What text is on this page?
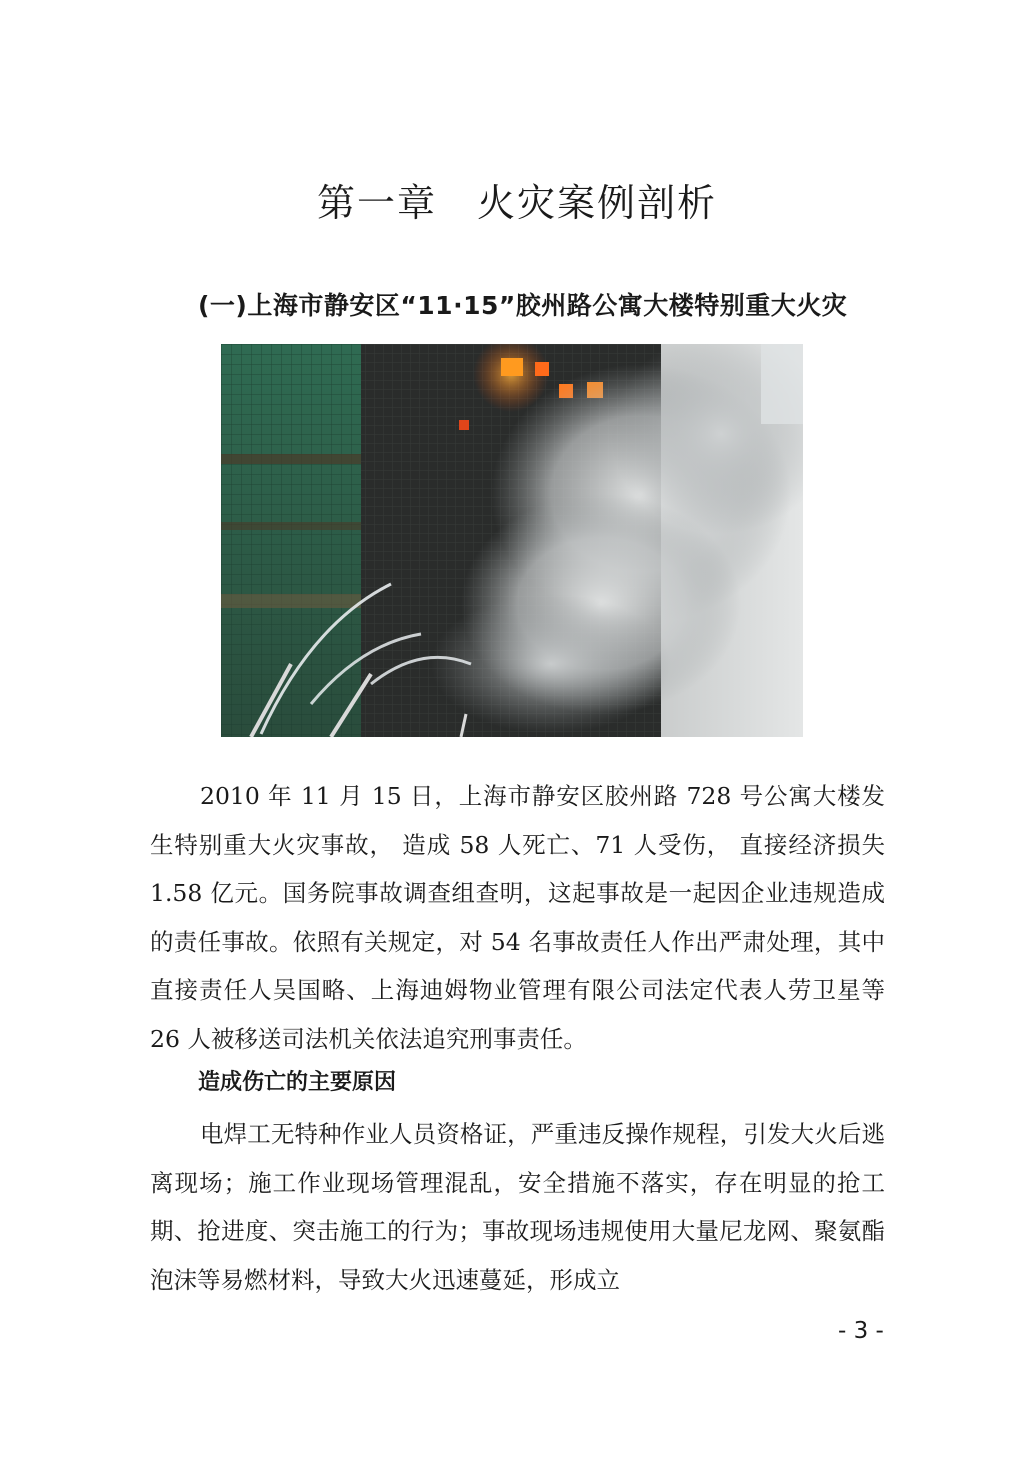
第一章　火灾案例剖析
(一)上海市静安区“11·15”胶州路公寓大楼特别重大火灾

2010 年 11 月 15 日，上海市静安区胶州路 728 号公寓大楼发生特别重大火灾事故， 造成 58 人死亡、71 人受伤， 直接经济损失 1.58 亿元。国务院事故调查组查明，这起事故是一起因企业违规造成的责任事故。依照有关规定，对 54 名事故责任人作出严肃处理，其中直接责任人吴国略、上海迪姆物业管理有限公司法定代表人劳卫星等 26 人被移送司法机关依法追究刑事责任。

造成伤亡的主要原因

电焊工无特种作业人员资格证，严重违反操作规程，引发大火后逃离现场；施工作业现场管理混乱，安全措施不落实，存在明显的抢工期、抢进度、突击施工的行为；事故现场违规使用大量尼龙网、聚氨酯泡沫等易燃材料，导致大火迅速蔓延，形成立

- 3 -
